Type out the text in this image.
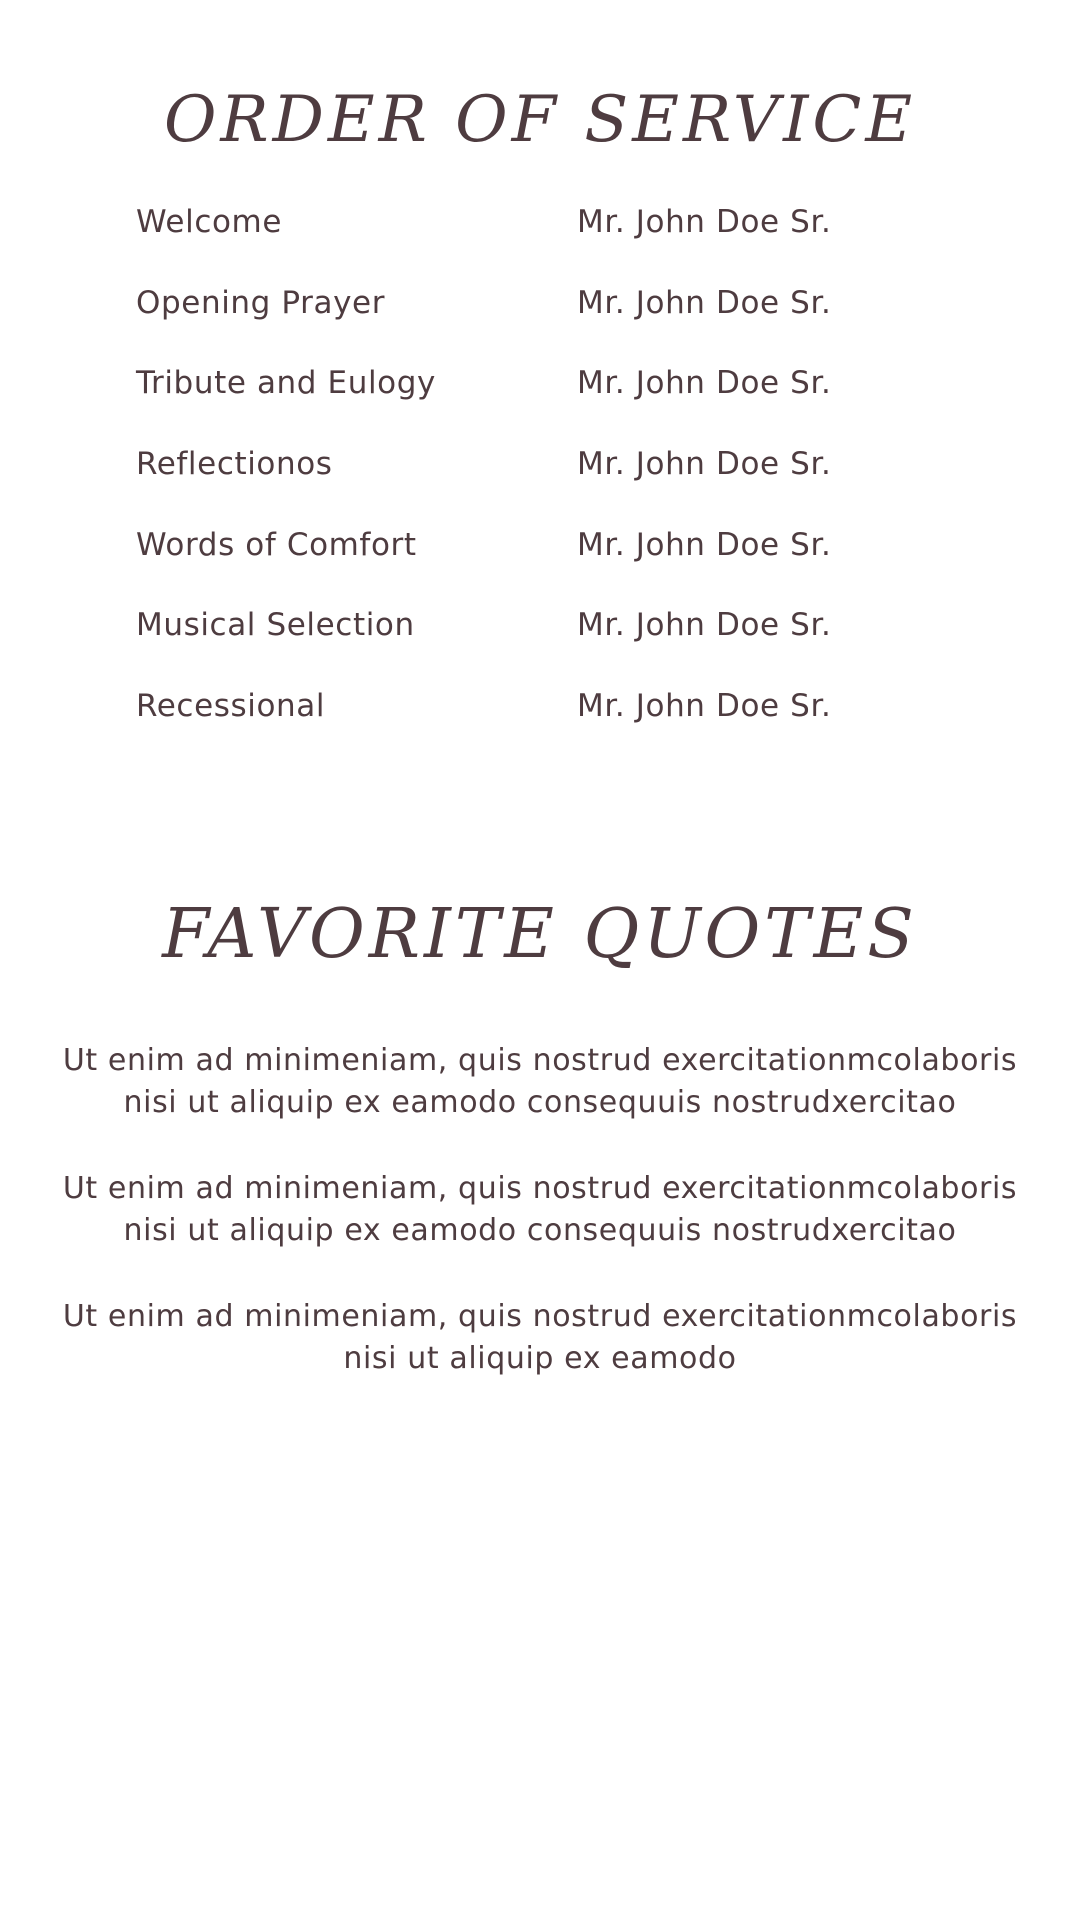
ORDER OF SERVICE
Welcome	Mr. John Doe Sr.
Opening Prayer	Mr. John Doe Sr.
Tribute and Eulogy	Mr. John Doe Sr.
Reflectionos	Mr. John Doe Sr.
Words of Comfort	Mr. John Doe Sr.
Musical Selection	Mr. John Doe Sr.
Recessional	Mr. John Doe Sr.
FAVORITE QUOTES

Ut enim ad minimeniam, quis nostrud exercitationmcolaboris
nisi ut aliquip ex eamodo consequuis nostrudxercitao

Ut enim ad minimeniam, quis nostrud exercitationmcolaboris
nisi ut aliquip ex eamodo consequuis nostrudxercitao

Ut enim ad minimeniam, quis nostrud exercitationmcolaboris
nisi ut aliquip ex eamodo
